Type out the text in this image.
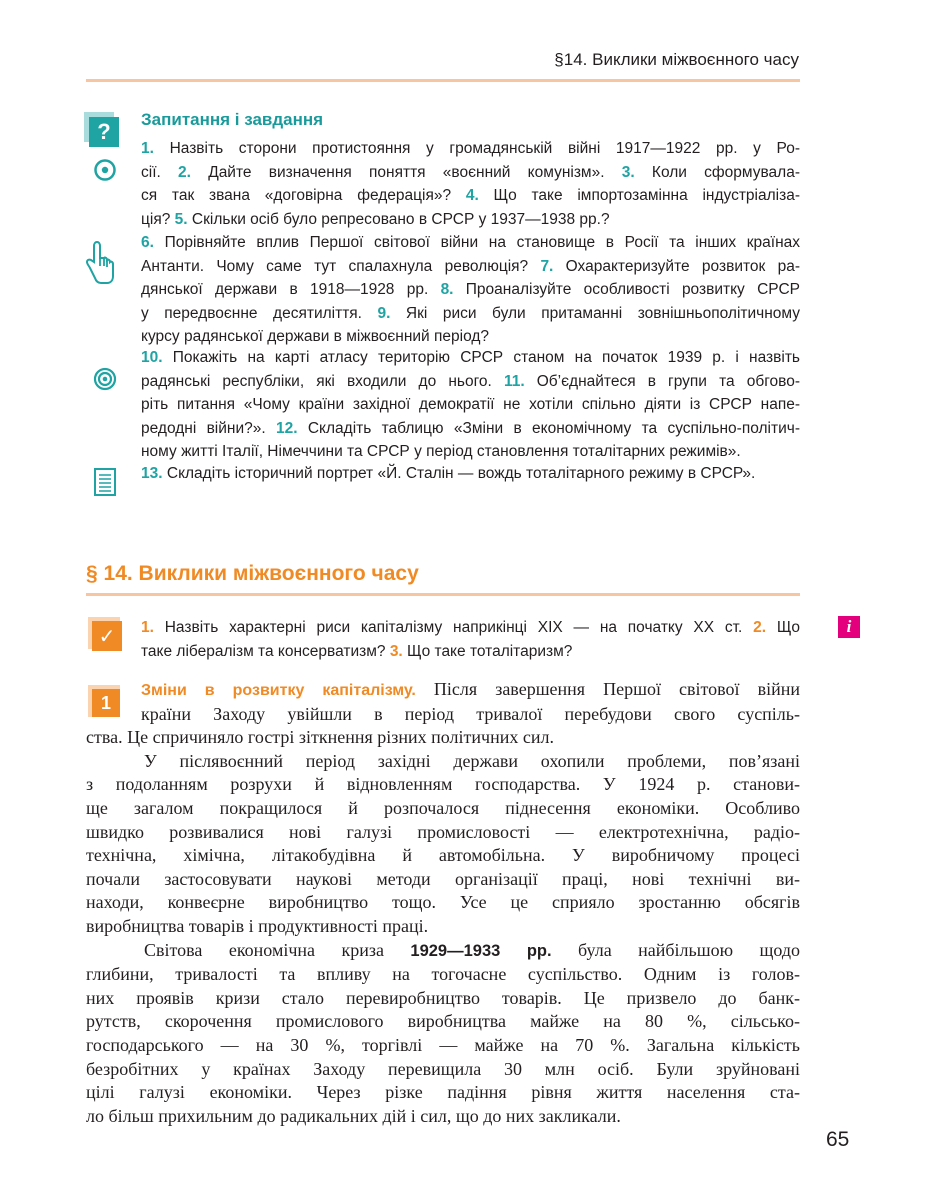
§14. Виклики міжвоєнного часу
?	Запитання і завдання
1. Назвіть сторони протистояння у громадянській війні 1917—1922 рр. у Ро-
сії. 2. Дайте визначення поняття «воєнний комунізм». 3. Коли сформувала-
ся так звана «договірна федерація»? 4. Що таке імпортозамінна індустріаліза-
ція? 5. Скільки осіб було репресовано в СРСР у 1937—1938 рр.?
6. Порівняйте вплив Першої світової війни на становище в Росії та інших країнах
Антанти. Чому саме тут спалахнула революція? 7. Охарактеризуйте розвиток ра-
дянської держави в 1918—1928 рр. 8. Проаналізуйте особливості розвитку СРСР
у передвоєнне десятиліття. 9. Які риси були притаманні зовнішньополітичному
курсу радянської держави в міжвоєнний період?
10. Покажіть на карті атласу територію СРСР станом на початок 1939 р. і назвіть
радянські республіки, які входили до нього. 11. Об’єднайтеся в групи та обгово-
ріть питання «Чому країни західної демократії не хотіли спільно діяти із СРСР напе-
редодні війни?». 12. Складіть таблицю «Зміни в економічному та суспільно-політич-
ному житті Італії, Німеччини та СРСР у період становлення тоталітарних режимів».
13. Складіть історичний портрет «Й. Сталін — вождь тоталітарного режиму в СРСР».
§ 14. Виклики міжвоєнного часу
✓	1. Назвіть характерні риси капіталізму наприкінці XIX — на початку XX ст. 2. Що
таке лібералізм та консерватизм? 3. Що таке тоталітаризм?
i
1
Зміни в розвитку капіталізму. Після завершення Першої світової війни
країни Заходу увійшли в період тривалої перебудови свого суспіль-
ства. Це спричиняло гострі зіткнення різних політичних сил.
У післявоєнний період західні держави охопили проблеми, пов’язані
з подоланням розрухи й відновленням господарства. У 1924 р. станови-
ще загалом покращилося й розпочалося піднесення економіки. Особливо
швидко розвивалися нові галузі промисловості — електротехнічна, радіо-
технічна, хімічна, літакобудівна й автомобільна. У виробничому процесі
почали застосовувати наукові методи організації праці, нові технічні ви-
находи, конвеєрне виробництво тощо. Усе це сприяло зростанню обсягів
виробництва товарів і продуктивності праці.
Світова економічна криза 1929—1933 рр. була найбільшою щодо
глибини, тривалості та впливу на тогочасне суспільство. Одним із голов-
них проявів кризи стало перевиробництво товарів. Це призвело до банк-
рутств, скорочення промислового виробництва майже на 80 %, сільсько-
господарського — на 30 %, торгівлі — майже на 70 %. Загальна кількість
безробітних у країнах Заходу перевищила 30 млн осіб. Були зруйновані
цілі галузі економіки. Через різке падіння рівня життя населення ста-
ло більш прихильним до радикальних дій і сил, що до них закликали.
65
